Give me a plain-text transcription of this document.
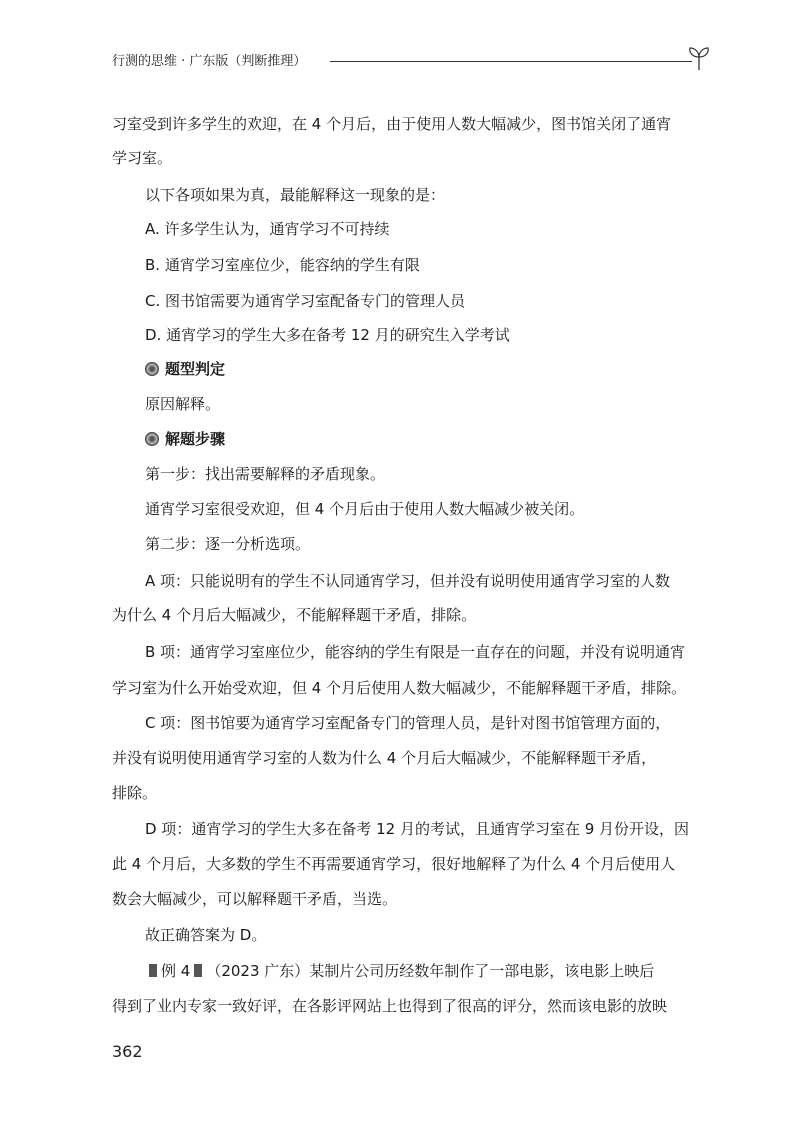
行测的思维 · 广东版（判断推理）
习室受到许多学生的欢迎，在 4 个月后，由于使用人数大幅减少，图书馆关闭了通宵
学习室。
以下各项如果为真，最能解释这一现象的是：
A. 许多学生认为，通宵学习不可持续
B. 通宵学习室座位少，能容纳的学生有限
C. 图书馆需要为通宵学习室配备专门的管理人员
D. 通宵学习的学生大多在备考 12 月的研究生入学考试
题型判定
原因解释。
解题步骤
第一步：找出需要解释的矛盾现象。
通宵学习室很受欢迎，但 4 个月后由于使用人数大幅减少被关闭。
第二步：逐一分析选项。
A 项：只能说明有的学生不认同通宵学习，但并没有说明使用通宵学习室的人数
为什么 4 个月后大幅减少，不能解释题干矛盾，排除。
B 项：通宵学习室座位少，能容纳的学生有限是一直存在的问题，并没有说明通宵
学习室为什么开始受欢迎，但 4 个月后使用人数大幅减少，不能解释题干矛盾，排除。
C 项：图书馆要为通宵学习室配备专门的管理人员，是针对图书馆管理方面的，
并没有说明使用通宵学习室的人数为什么 4 个月后大幅减少，不能解释题干矛盾，
排除。
D 项：通宵学习的学生大多在备考 12 月的考试，且通宵学习室在 9 月份开设，因
此 4 个月后，大多数的学生不再需要通宵学习，很好地解释了为什么 4 个月后使用人
数会大幅减少，可以解释题干矛盾，当选。
故正确答案为 D。
例 4 （2023 广东）某制片公司历经数年制作了一部电影，该电影上映后
得到了业内专家一致好评，在各影评网站上也得到了很高的评分，然而该电影的放映
362
